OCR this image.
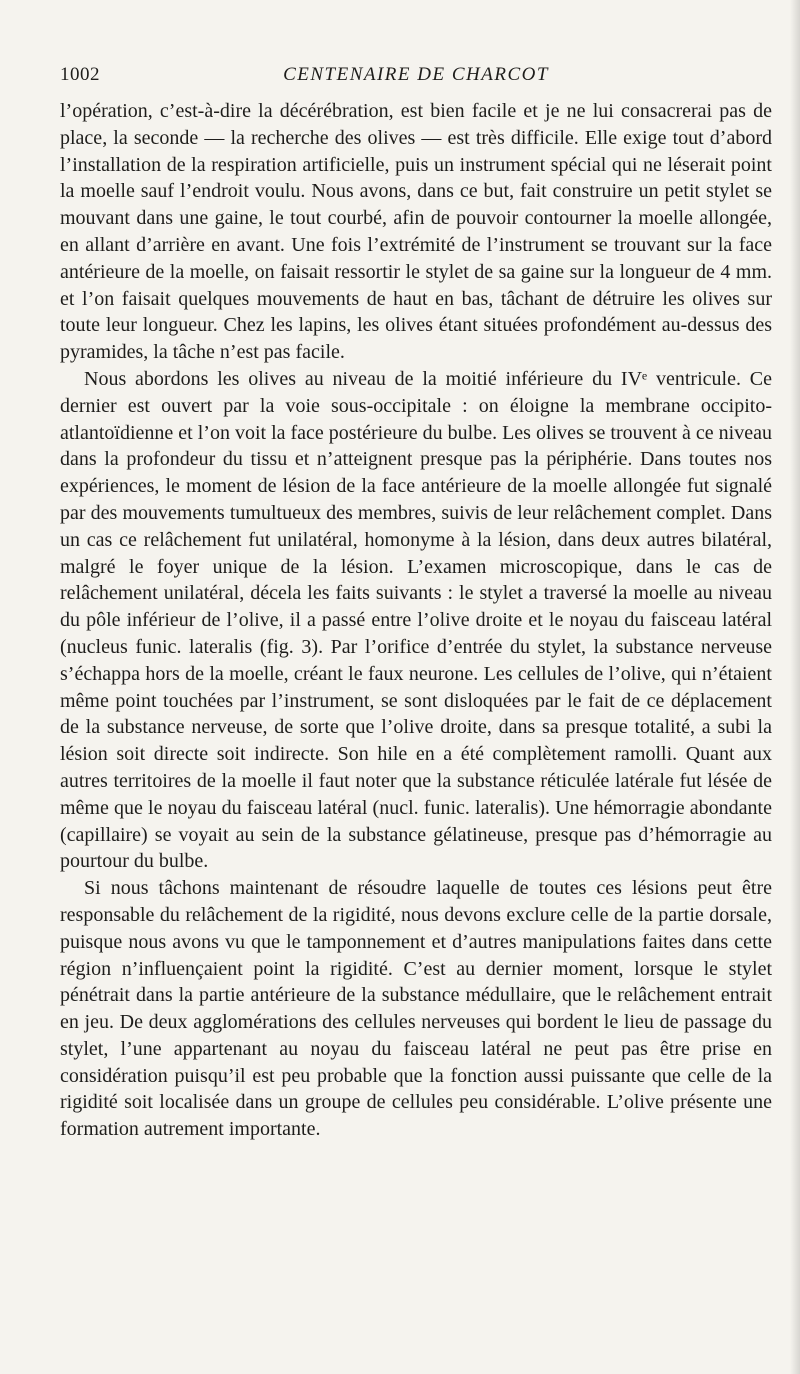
1002	CENTENAIRE DE CHARCOT

l’opération, c’est-à-dire la décérébration, est bien facile et je ne lui consacrerai pas de place, la seconde — la recherche des olives — est très difficile. Elle exige tout d’abord l’installation de la respiration artificielle, puis un instrument spécial qui ne léserait point la moelle sauf l’endroit voulu. Nous avons, dans ce but, fait construire un petit stylet se mouvant dans une gaine, le tout courbé, afin de pouvoir contourner la moelle allongée, en allant d’arrière en avant. Une fois l’extrémité de l’instrument se trouvant sur la face antérieure de la moelle, on faisait ressortir le stylet de sa gaine sur la longueur de 4 mm. et l’on faisait quelques mouvements de haut en bas, tâchant de détruire les olives sur toute leur longueur. Chez les lapins, les olives étant situées profondément au-dessus des pyramides, la tâche n’est pas facile.

Nous abordons les olives au niveau de la moitié inférieure du IVᵉ ventricule. Ce dernier est ouvert par la voie sous-occipitale : on éloigne la membrane occipito-atlantoïdienne et l’on voit la face postérieure du bulbe. Les olives se trouvent à ce niveau dans la profondeur du tissu et n’atteignent presque pas la périphérie. Dans toutes nos expériences, le moment de lésion de la face antérieure de la moelle allongée fut signalé par des mouvements tumultueux des membres, suivis de leur relâchement complet. Dans un cas ce relâchement fut unilatéral, homonyme à la lésion, dans deux autres bilatéral, malgré le foyer unique de la lésion. L’examen microscopique, dans le cas de relâchement unilatéral, décela les faits suivants : le stylet a traversé la moelle au niveau du pôle inférieur de l’olive, il a passé entre l’olive droite et le noyau du faisceau latéral (nucleus funic. lateralis (fig. 3). Par l’orifice d’entrée du stylet, la substance nerveuse s’échappa hors de la moelle, créant le faux neurone. Les cellules de l’olive, qui n’étaient même point touchées par l’instrument, se sont disloquées par le fait de ce déplacement de la substance nerveuse, de sorte que l’olive droite, dans sa presque totalité, a subi la lésion soit directe soit indirecte. Son hile en a été complètement ramolli. Quant aux autres territoires de la moelle il faut noter que la substance réticulée latérale fut lésée de même que le noyau du faisceau latéral (nucl. funic. lateralis). Une hémorragie abondante (capillaire) se voyait au sein de la substance gélatineuse, presque pas d’hémorragie au pourtour du bulbe.

Si nous tâchons maintenant de résoudre laquelle de toutes ces lésions peut être responsable du relâchement de la rigidité, nous devons exclure celle de la partie dorsale, puisque nous avons vu que le tamponnement et d’autres manipulations faites dans cette région n’influençaient point la rigidité. C’est au dernier moment, lorsque le stylet pénétrait dans la partie antérieure de la substance médullaire, que le relâchement entrait en jeu. De deux agglomérations des cellules nerveuses qui bordent le lieu de passage du stylet, l’une appartenant au noyau du faisceau latéral ne peut pas être prise en considération puisqu’il est peu probable que la fonction aussi puissante que celle de la rigidité soit localisée dans un groupe de cellules peu considérable. L’olive présente une formation autrement importante.
